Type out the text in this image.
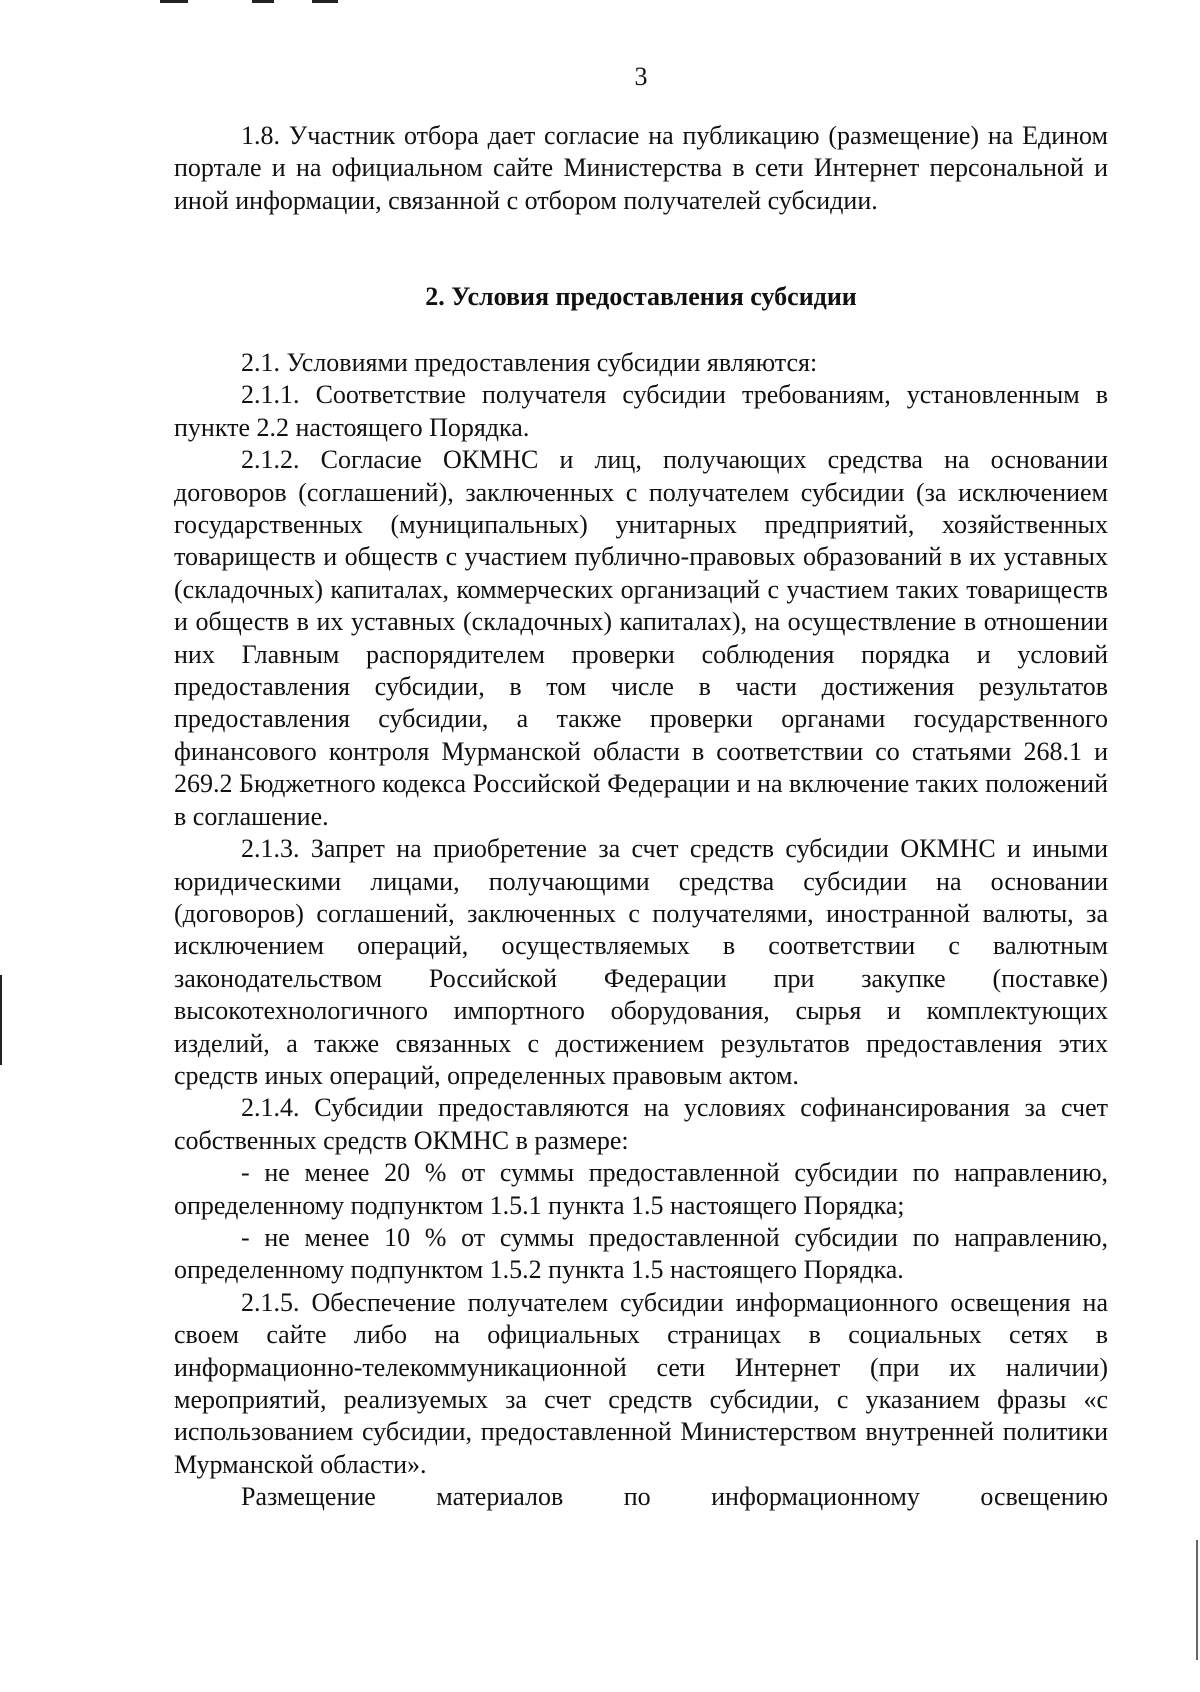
3

1.8. Участник отбора дает согласие на публикацию (размещение) на Едином портале и на официальном сайте Министерства в сети Интернет персональной и иной информации, связанной с отбором получателей субсидии.

2. Условия предоставления субсидии

2.1. Условиями предоставления субсидии являются:

2.1.1. Соответствие получателя субсидии требованиям, установленным в пункте 2.2 настоящего Порядка.

2.1.2. Согласие ОКМНС и лиц, получающих средства на основании договоров (соглашений), заключенных с получателем субсидии (за исключением государственных (муниципальных) унитарных предприятий, хозяйственных товариществ и обществ с участием публично-правовых образований в их уставных (складочных) капиталах, коммерческих организаций с участием таких товариществ и обществ в их уставных (складочных) капиталах), на осуществление в отношении них Главным распорядителем проверки соблюдения порядка и условий предоставления субсидии, в том числе в части достижения результатов предоставления субсидии, а также проверки органами государственного финансового контроля Мурманской области в соответствии со статьями 268.1 и 269.2 Бюджетного кодекса Российской Федерации и на включение таких положений в соглашение.

2.1.3. Запрет на приобретение за счет средств субсидии ОКМНС и иными юридическими лицами, получающими средства субсидии на основании (договоров) соглашений, заключенных с получателями, иностранной валюты, за исключением операций, осуществляемых в соответствии с валютным законодательством Российской Федерации при закупке (поставке) высокотехнологичного импортного оборудования, сырья и комплектующих изделий, а также связанных с достижением результатов предоставления этих средств иных операций, определенных правовым актом.

2.1.4. Субсидии предоставляются на условиях софинансирования за счет собственных средств ОКМНС в размере:

- не менее 20 % от суммы предоставленной субсидии по направлению, определенному подпунктом 1.5.1 пункта 1.5 настоящего Порядка;

- не менее 10 % от суммы предоставленной субсидии по направлению, определенному подпунктом 1.5.2 пункта 1.5 настоящего Порядка.

2.1.5. Обеспечение получателем субсидии информационного освещения на своем сайте либо на официальных страницах в социальных сетях в информационно-телекоммуникационной сети Интернет (при их наличии) мероприятий, реализуемых за счет средств субсидии, с указанием фразы «с использованием субсидии, предоставленной Министерством внутренней политики Мурманской области».

Размещение материалов по информационному освещению
